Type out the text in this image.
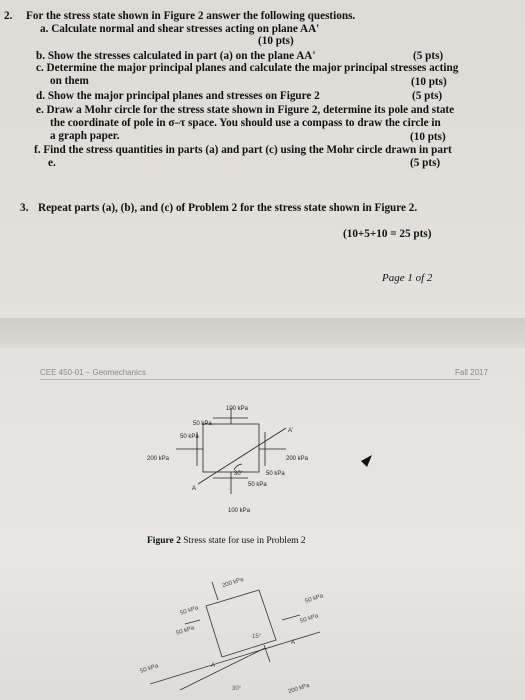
2. For the stress state shown in Figure 2 answer the following questions.
a. Calculate normal and shear stresses acting on plane AA'
(10 pts)
b. Show the stresses calculated in part (a) on the plane AA'	(5 pts)
c. Determine the major principal planes and calculate the major principal stresses acting
on them	(10 pts)
d. Show the major principal planes and stresses on Figure 2	(5 pts)
e. Draw a Mohr circle for the stress state shown in Figure 2, determine its pole and state
the coordinate of pole in σ–τ space. You should use a compass to draw the circle in
a graph paper.	(10 pts)
f. Find the stress quantities in parts (a) and part (c) using the Mohr circle drawn in part
e.	(5 pts)
3. Repeat parts (a), (b), and (c) of Problem 2 for the stress state shown in Figure 2.
(10+5+10 = 25 pts)
Page 1 of 2
CEE 450-01 – Geomechanics	Fall 2017
100 kPa
50 kPa
50 kPa
200 kPa	200 kPa
50 kPa
50 kPa
100 kPa
30°
A
A'
Figure 2 Stress state for use in Problem 2
200 kPa
50 kPa
50 kPa
50 kPa
50 kPa
50 kPa
200 kPa
15°
30°
A
A
